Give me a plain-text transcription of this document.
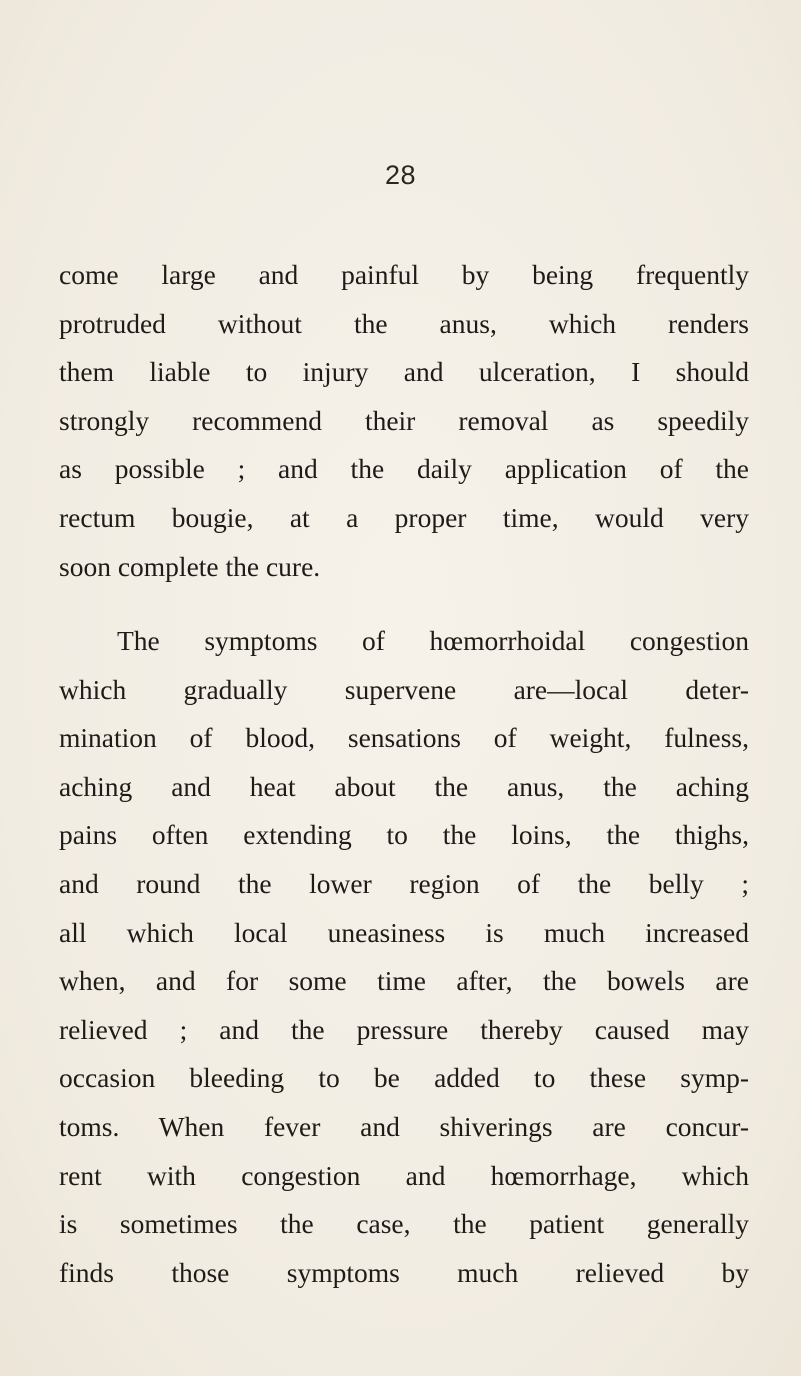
28
come large and painful by being frequently
protruded without the anus, which renders
them liable to injury and ulceration, I should
strongly recommend their removal as speedily
as possible ; and the daily application of the
rectum bougie, at a proper time, would very
soon complete the cure.
The symptoms of hœmorrhoidal congestion
which gradually supervene are—local deter-
mination of blood, sensations of weight, fulness,
aching and heat about the anus, the aching
pains often extending to the loins, the thighs,
and round the lower region of the belly ;
all which local uneasiness is much increased
when, and for some time after, the bowels are
relieved ; and the pressure thereby caused may
occasion bleeding to be added to these symp-
toms. When fever and shiverings are concur-
rent with congestion and hœmorrhage, which
is sometimes the case, the patient generally
finds those symptoms much relieved by
